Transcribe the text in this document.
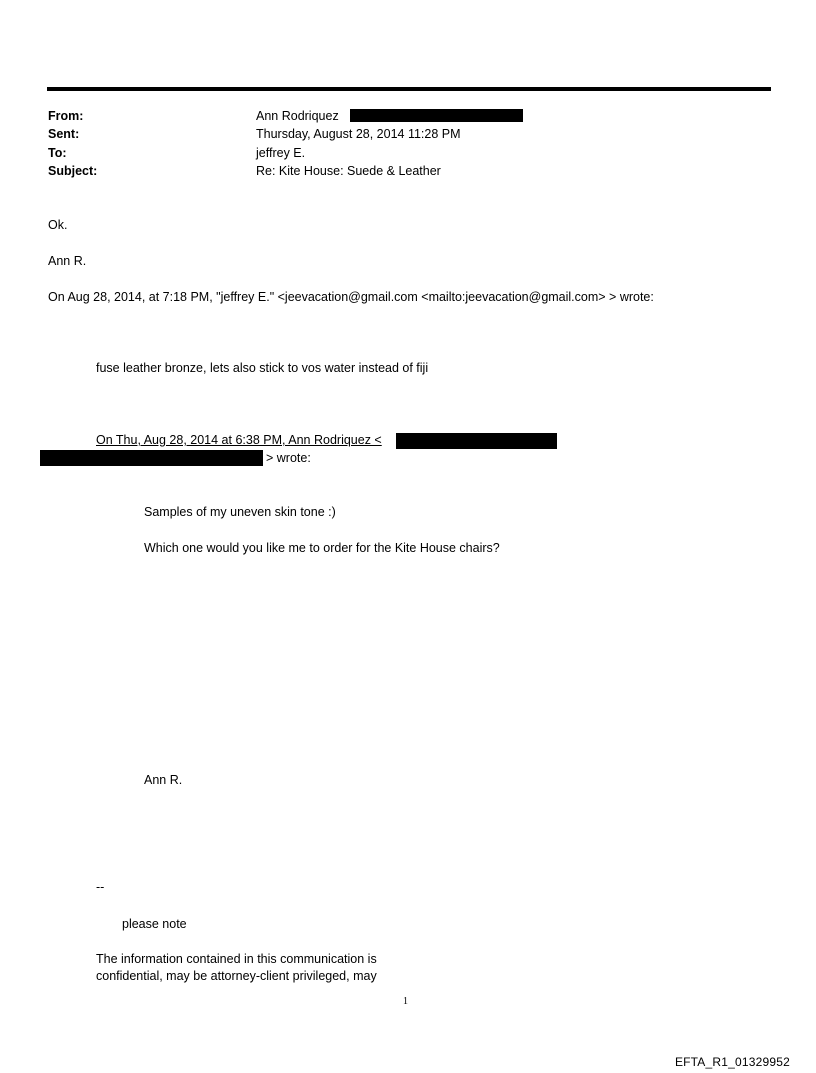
From:	Ann Rodriquez
Sent:	Thursday, August 28, 2014 11:28 PM
To:	jeffrey E.
Subject:	Re: Kite House: Suede & Leather
Ok.
Ann R.
On Aug 28, 2014, at 7:18 PM, "jeffrey E." <jeevacation@gmail.com <mailto:jeevacation@gmail.com> > wrote:
fuse leather bronze, lets also stick to vos water instead of fiji
On Thu, Aug 28, 2014 at 6:38 PM, Ann Rodriquez <
> wrote:
Samples of my uneven skin tone :)
Which one would you like me to order for the Kite House chairs?
Ann R.
--
please note
The information contained in this communication is
confidential, may be attorney-client privileged, may
1
EFTA_R1_01329952
